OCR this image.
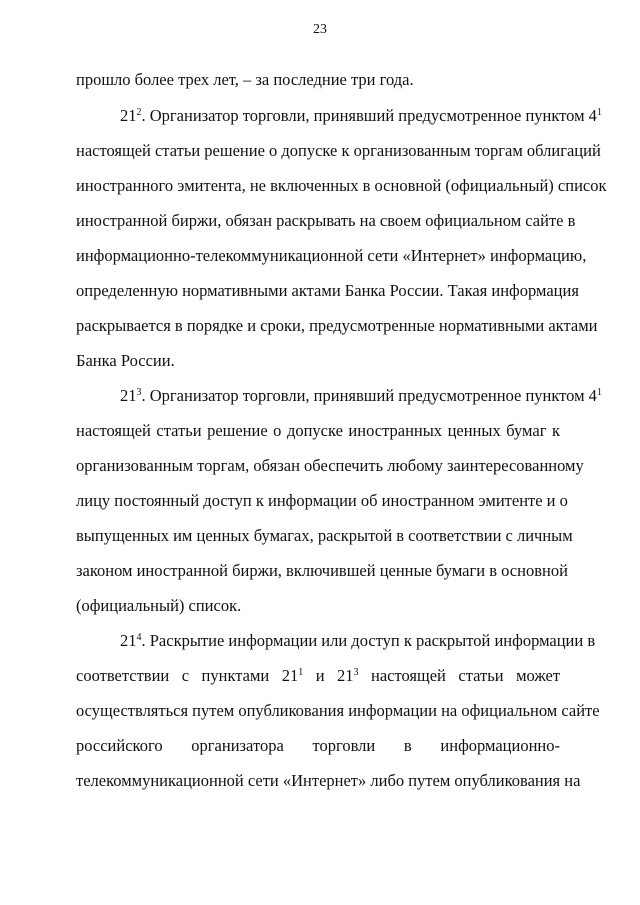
23
прошло более трех лет, – за последние три года.
$21^2$. Организатор торговли, принявший предусмотренное пунктом $4^1$
настоящей статьи решение о допуске к организованным торгам облигаций
иностранного эмитента, не включенных в основной (официальный) список
иностранной биржи, обязан раскрывать на своем официальном сайте в
информационно-телекоммуникационной сети «Интернет» информацию,
определенную нормативными актами Банка России. Такая информация
раскрывается в порядке и сроки, предусмотренные нормативными актами
Банка России.
$21^3$. Организатор торговли, принявший предусмотренное пунктом $4^1$
настоящей статьи решение о допуске иностранных ценных бумаг к
организованным торгам, обязан обеспечить любому заинтересованному
лицу постоянный доступ к информации об иностранном эмитенте и о
выпущенных им ценных бумагах, раскрытой в соответствии с личным
законом иностранной биржи, включившей ценные бумаги в основной
(официальный) список.
$21^4$. Раскрытие информации или доступ к раскрытой информации в
соответствии с пунктами $21^1$ и $21^3$ настоящей статьи может
осуществляться путем опубликования информации на официальном сайте
российского организатора торговли в информационно-
телекоммуникационной сети «Интернет» либо путем опубликования на
